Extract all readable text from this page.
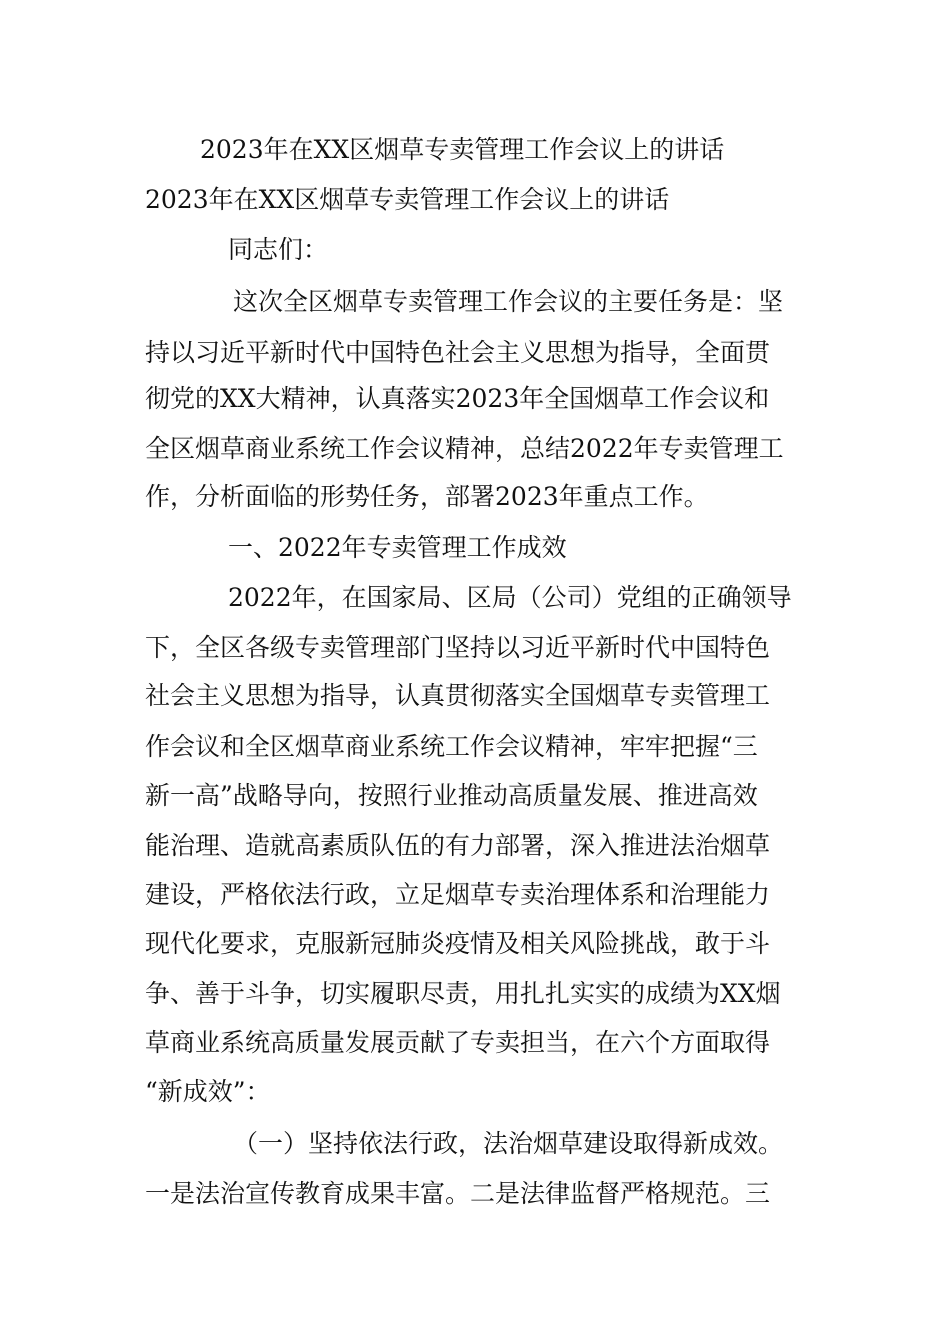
2023年在XX区烟草专卖管理工作会议上的讲话

2023年在XX区烟草专卖管理工作会议上的讲话

同志们：

这次全区烟草专卖管理工作会议的主要任务是：坚

持以习近平新时代中国特色社会主义思想为指导，全面贯

彻党的XX大精神，认真落实2023年全国烟草工作会议和

全区烟草商业系统工作会议精神，总结2022年专卖管理工

作，分析面临的形势任务，部署2023年重点工作。

一、2022年专卖管理工作成效

2022年，在国家局、区局（公司）党组的正确领导

下，全区各级专卖管理部门坚持以习近平新时代中国特色

社会主义思想为指导，认真贯彻落实全国烟草专卖管理工

作会议和全区烟草商业系统工作会议精神，牢牢把握“三

新一高”战略导向，按照行业推动高质量发展、推进高效

能治理、造就高素质队伍的有力部署，深入推进法治烟草

建设，严格依法行政，立足烟草专卖治理体系和治理能力

现代化要求，克服新冠肺炎疫情及相关风险挑战，敢于斗

争、善于斗争，切实履职尽责，用扎扎实实的成绩为XX烟

草商业系统高质量发展贡献了专卖担当，在六个方面取得

“新成效”：

（一）坚持依法行政，法治烟草建设取得新成效。

一是法治宣传教育成果丰富。二是法律监督严格规范。三
